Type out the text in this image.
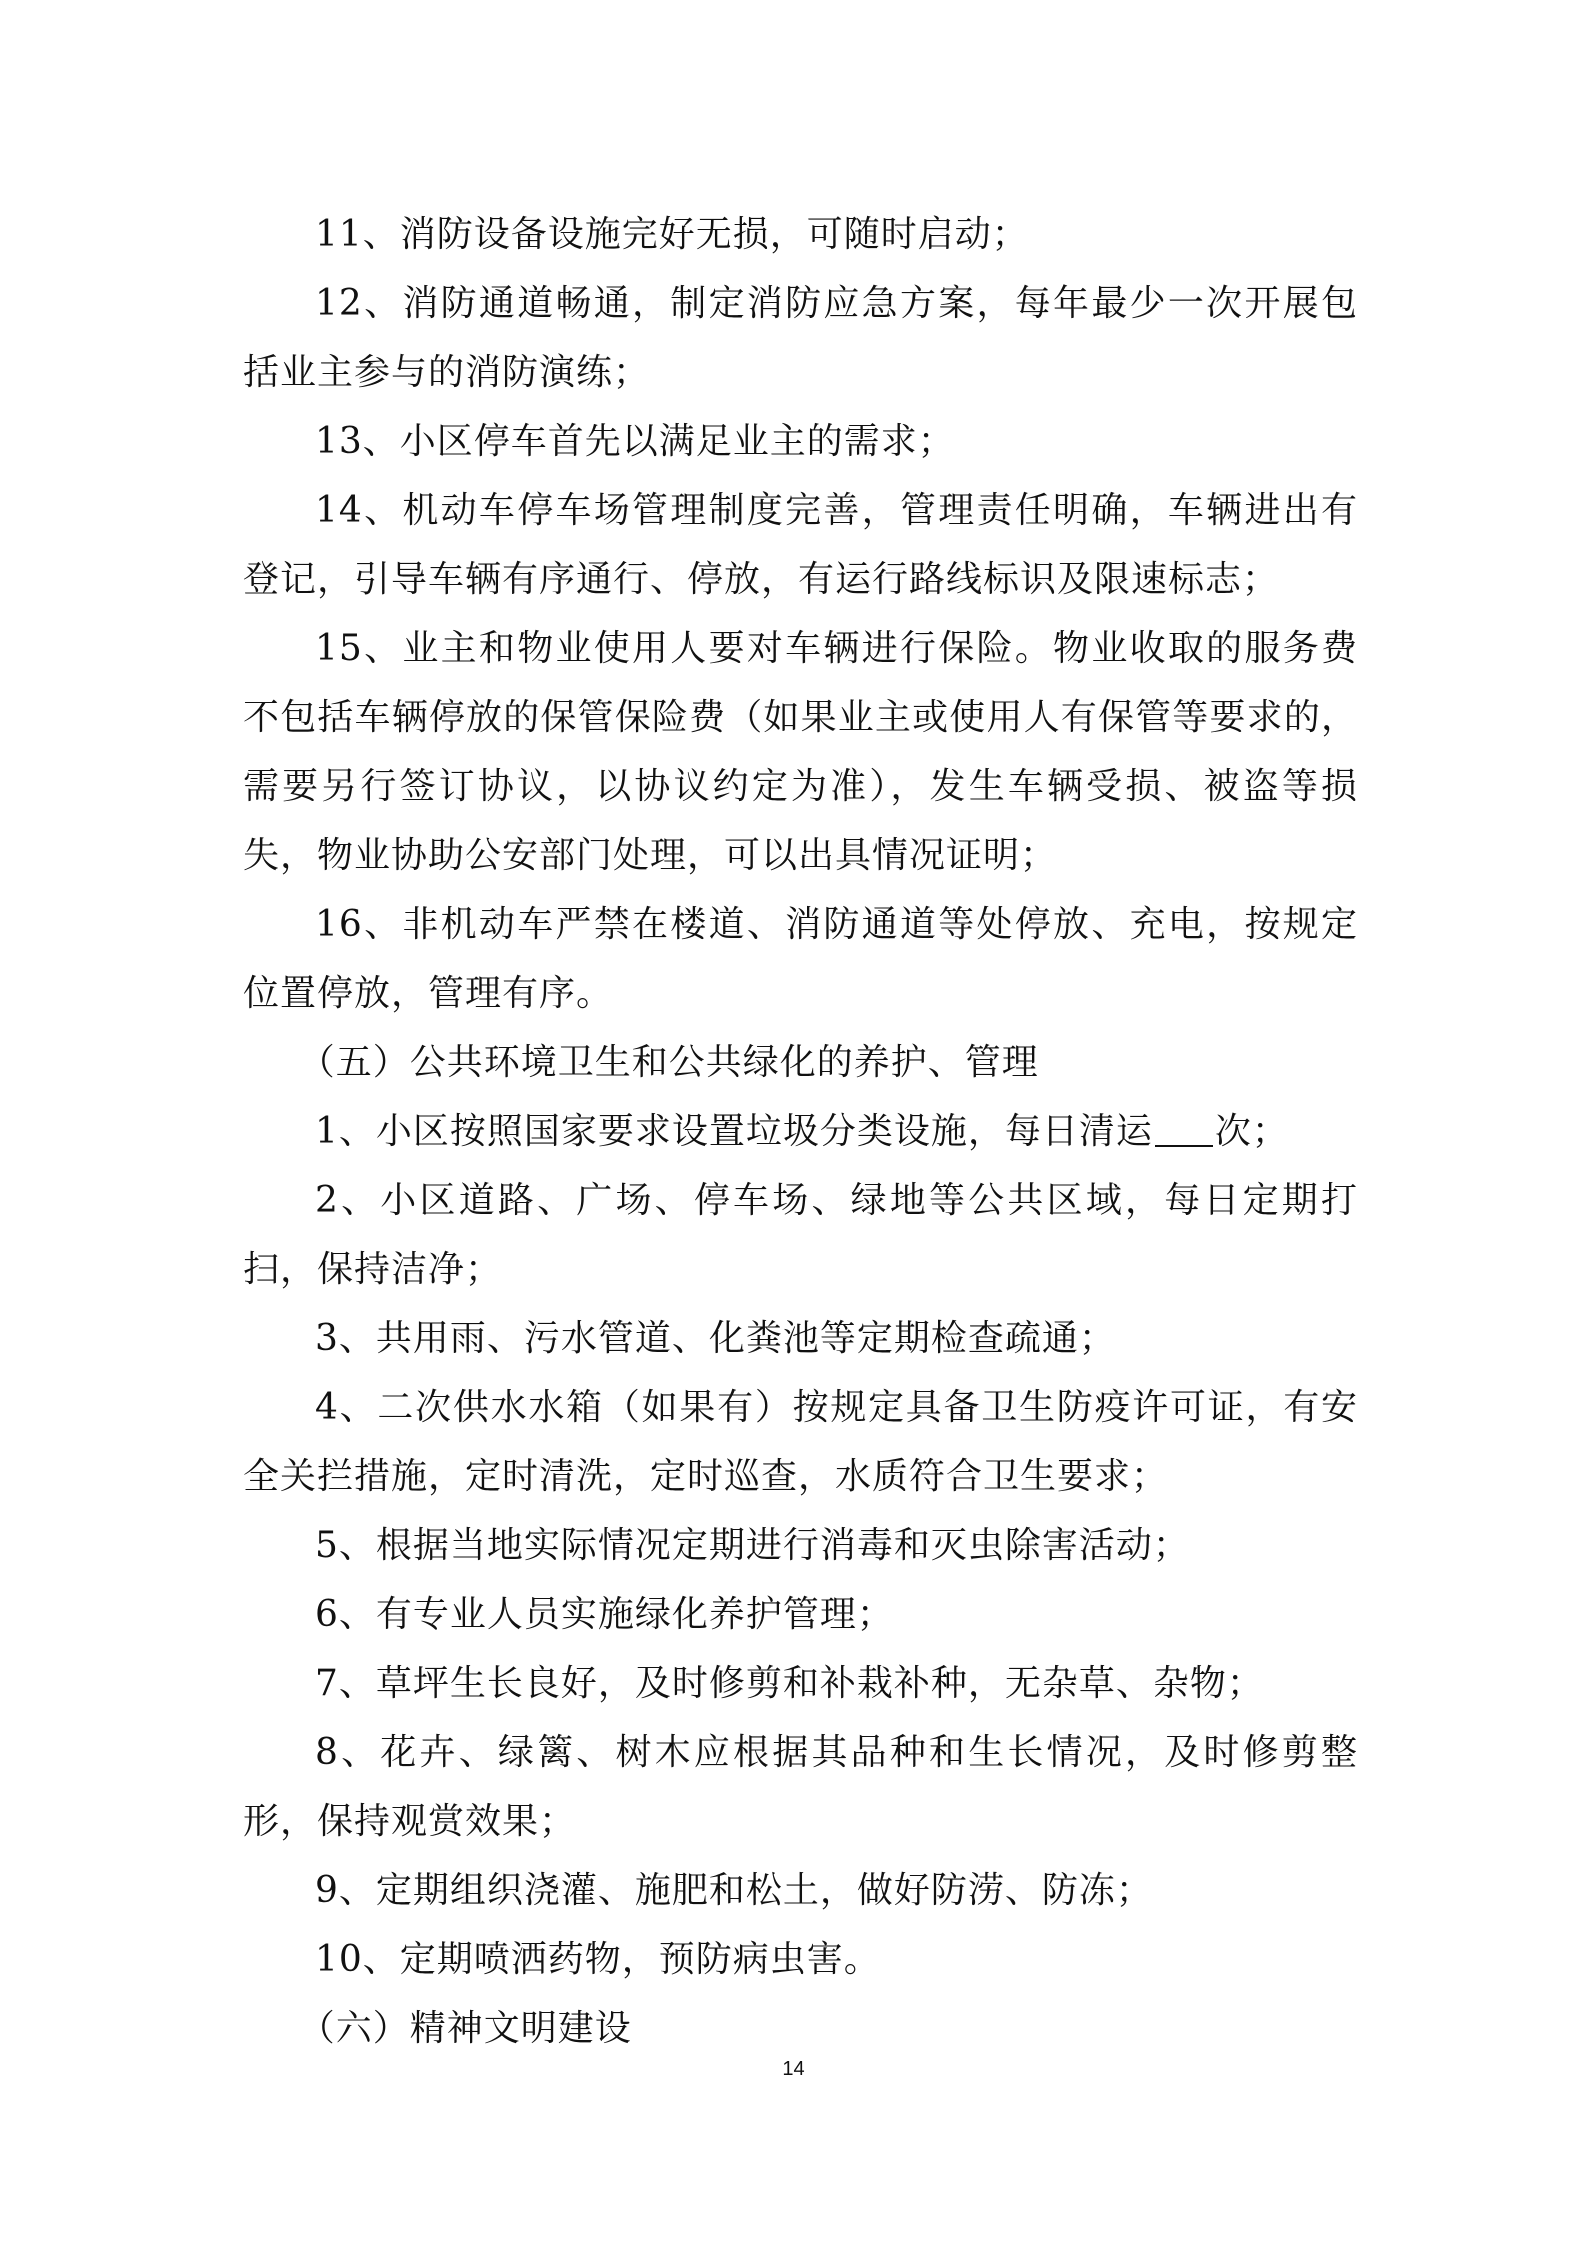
11、消防设备设施完好无损，可随时启动；

12、消防通道畅通，制定消防应急方案，每年最少一次开展包括业主参与的消防演练；

13、小区停车首先以满足业主的需求；

14、机动车停车场管理制度完善，管理责任明确，车辆进出有登记，引导车辆有序通行、停放，有运行路线标识及限速标志；

15、业主和物业使用人要对车辆进行保险。物业收取的服务费不包括车辆停放的保管保险费（如果业主或使用人有保管等要求的，需要另行签订协议，以协议约定为准），发生车辆受损、被盗等损失，物业协助公安部门处理，可以出具情况证明；

16、非机动车严禁在楼道、消防通道等处停放、充电，按规定位置停放，管理有序。

（五）公共环境卫生和公共绿化的养护、管理

1、小区按照国家要求设置垃圾分类设施，每日清运 次；

2、小区道路、广场、停车场、绿地等公共区域，每日定期打扫，保持洁净；

3、共用雨、污水管道、化粪池等定期检查疏通；

4、二次供水水箱（如果有）按规定具备卫生防疫许可证，有安全关拦措施，定时清洗，定时巡查，水质符合卫生要求；

5、根据当地实际情况定期进行消毒和灭虫除害活动；

6、有专业人员实施绿化养护管理；

7、草坪生长良好，及时修剪和补栽补种，无杂草、杂物；

8、花卉、绿篱、树木应根据其品种和生长情况，及时修剪整形，保持观赏效果；

9、定期组织浇灌、施肥和松土，做好防涝、防冻；

10、定期喷洒药物，预防病虫害。

（六）精神文明建设

14
